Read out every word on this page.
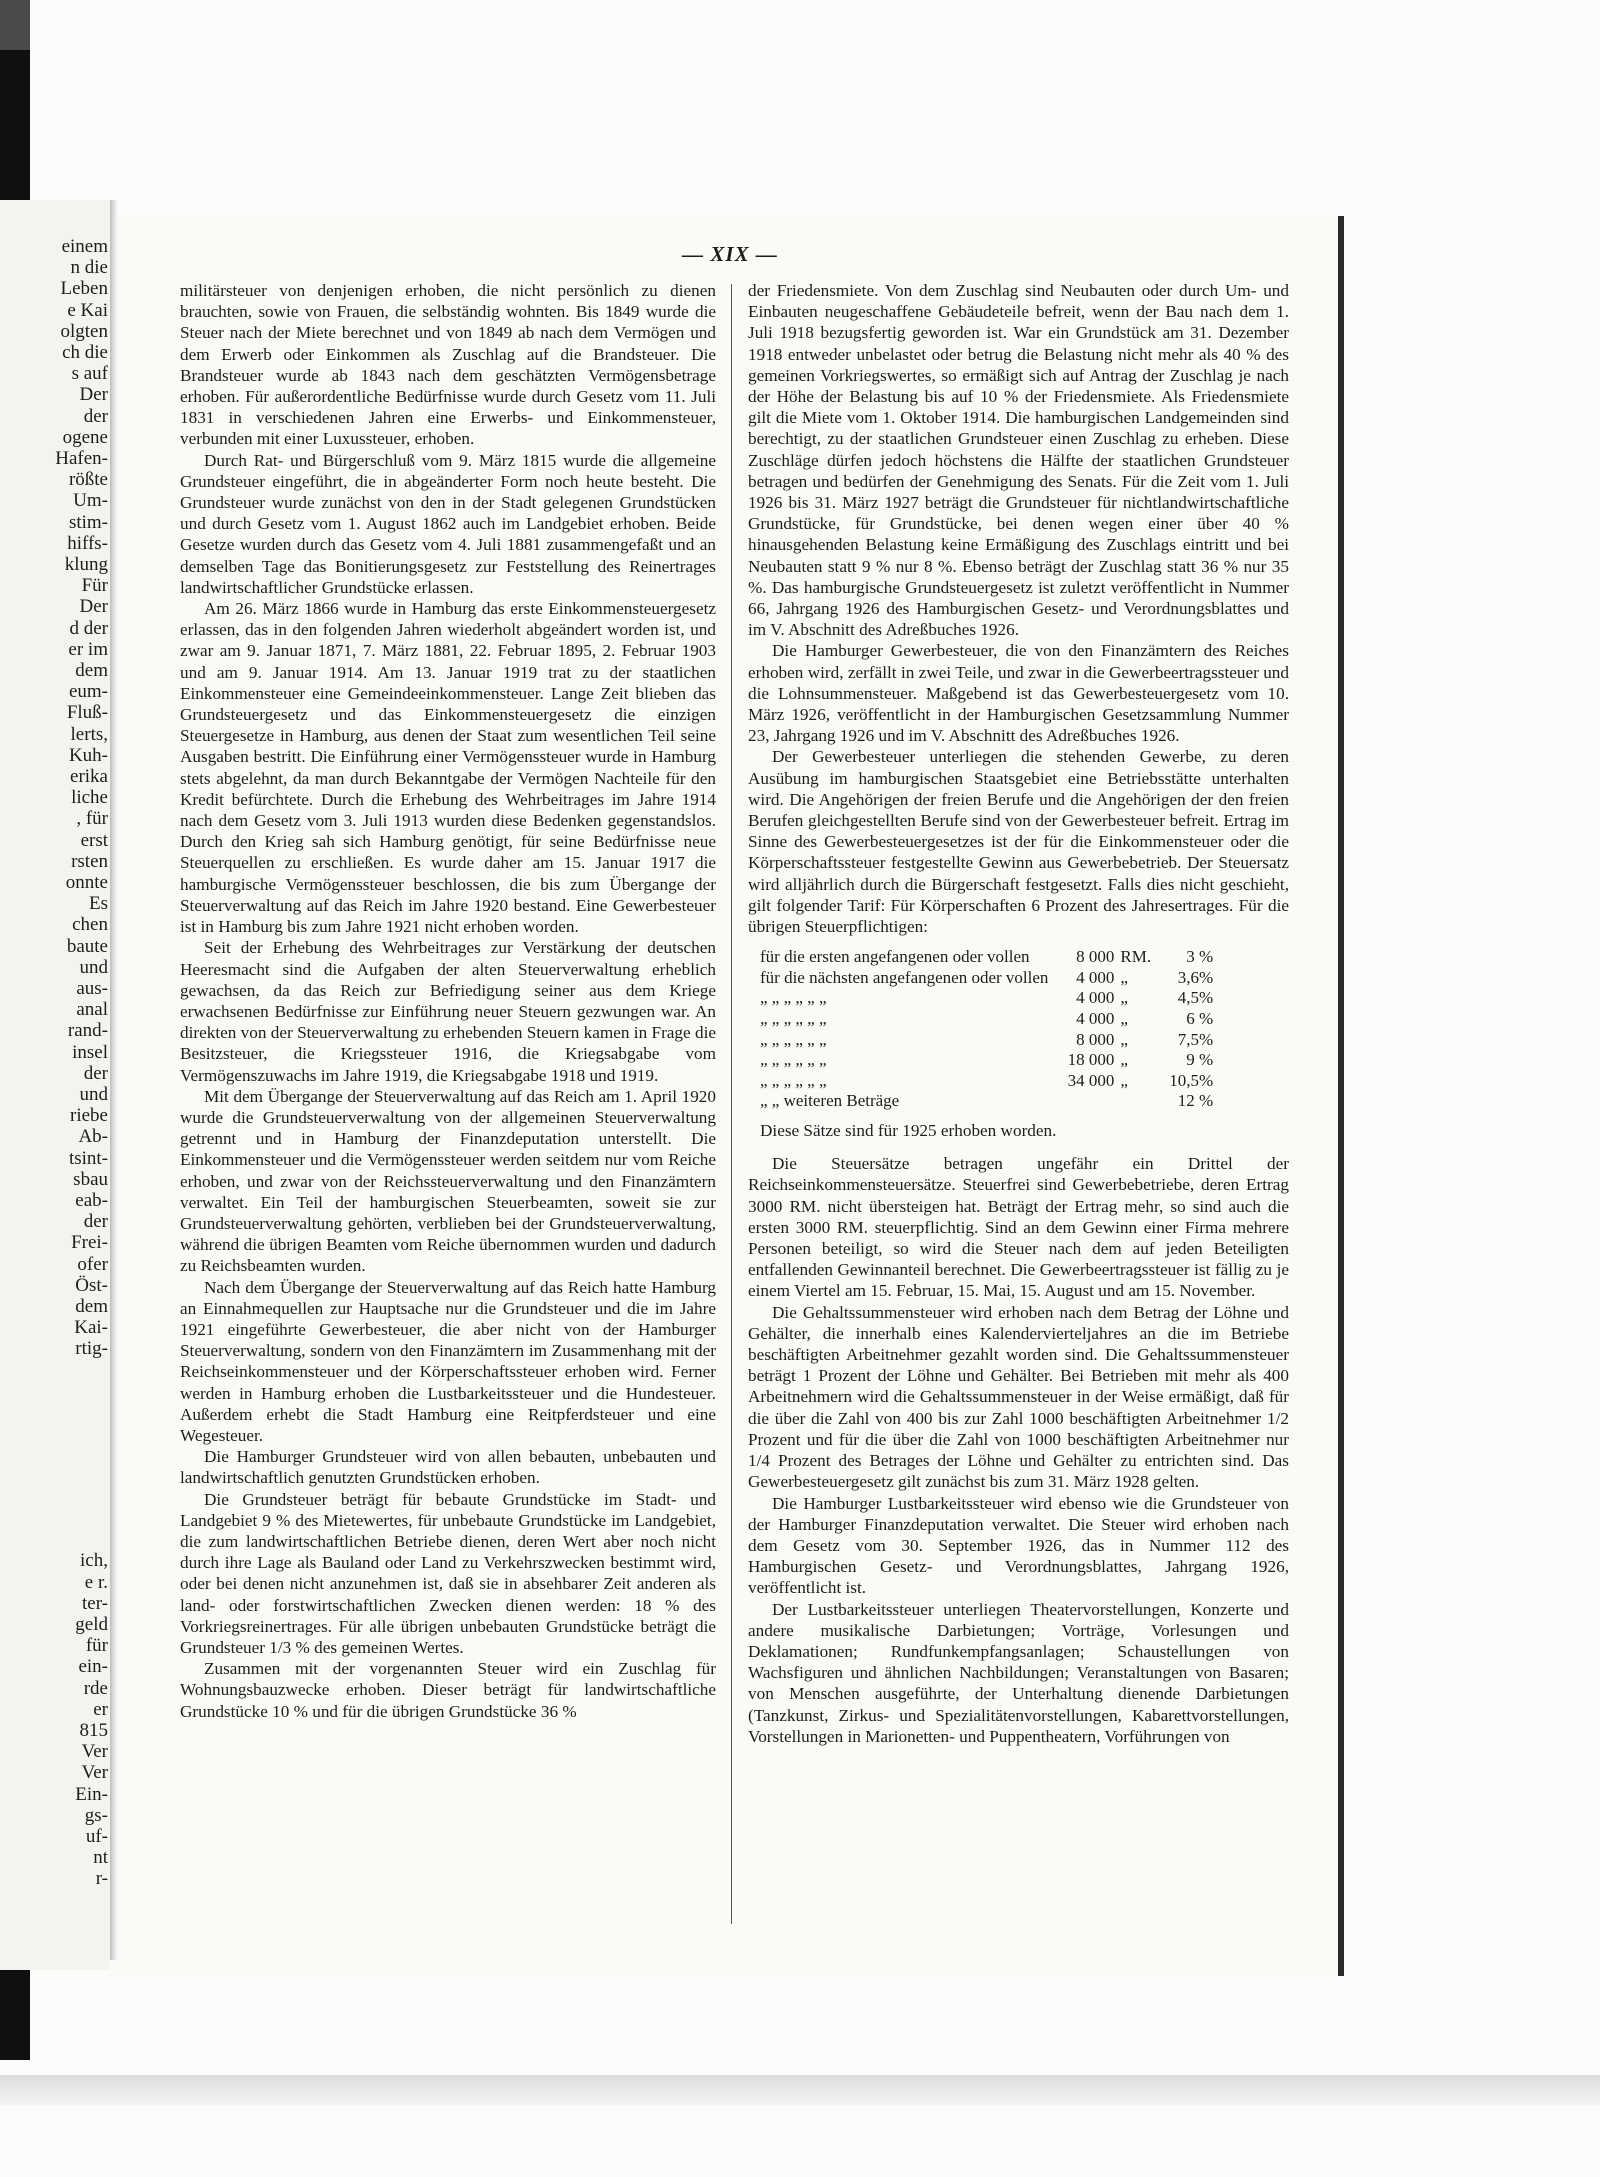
einem
n die
Leben
e Kai
olgten
ch die
s auf
Der
der
ogene
Hafen-
rößte
Um-
stim-
hiffs-
klung
Für
Der
d der
er im
dem
eum-
Fluß-
lerts,
Kuh-
erika
liche
, für
erst
rsten
onnte
Es
chen
baute
und
aus-
anal
rand-
insel
der
und
riebe
Ab-
tsint-
sbau
eab-
der
Frei-
ofer
Öst-
dem
Kai-
rtig-
ich,
e r.
ter-
geld
für
ein-
rde
er
815
Ver
Ver
Ein-
gs-
uf-
nt
r-
— XIX —

militärsteuer von denjenigen erhoben, die nicht persönlich zu dienen brauchten, sowie von Frauen, die selbständig wohnten. Bis 1849 wurde die Steuer nach der Miete berechnet und von 1849 ab nach dem Vermögen und dem Erwerb oder Einkommen als Zuschlag auf die Brandsteuer. Die Brandsteuer wurde ab 1843 nach dem geschätzten Vermögensbetrage erhoben. Für außerordentliche Bedürfnisse wurde durch Gesetz vom 11. Juli 1831 in verschiedenen Jahren eine Erwerbs- und Einkommensteuer, verbunden mit einer Luxussteuer, erhoben.

Durch Rat- und Bürgerschluß vom 9. März 1815 wurde die allgemeine Grundsteuer eingeführt, die in abgeänderter Form noch heute besteht. Die Grundsteuer wurde zunächst von den in der Stadt gelegenen Grundstücken und durch Gesetz vom 1. August 1862 auch im Landgebiet erhoben. Beide Gesetze wurden durch das Gesetz vom 4. Juli 1881 zusammengefaßt und an demselben Tage das Bonitierungsgesetz zur Feststellung des Reinertrages landwirtschaftlicher Grundstücke erlassen.

Am 26. März 1866 wurde in Hamburg das erste Einkommensteuergesetz erlassen, das in den folgenden Jahren wiederholt abgeändert worden ist, und zwar am 9. Januar 1871, 7. März 1881, 22. Februar 1895, 2. Februar 1903 und am 9. Januar 1914. Am 13. Januar 1919 trat zu der staatlichen Einkommensteuer eine Gemeindeeinkommensteuer. Lange Zeit blieben das Grundsteuergesetz und das Einkommensteuergesetz die einzigen Steuergesetze in Hamburg, aus denen der Staat zum wesentlichen Teil seine Ausgaben bestritt. Die Einführung einer Vermögenssteuer wurde in Hamburg stets abgelehnt, da man durch Bekanntgabe der Vermögen Nachteile für den Kredit befürchtete. Durch die Erhebung des Wehrbeitrages im Jahre 1914 nach dem Gesetz vom 3. Juli 1913 wurden diese Bedenken gegenstandslos. Durch den Krieg sah sich Hamburg genötigt, für seine Bedürfnisse neue Steuerquellen zu erschließen. Es wurde daher am 15. Januar 1917 die hamburgische Vermögenssteuer beschlossen, die bis zum Übergange der Steuerverwaltung auf das Reich im Jahre 1920 bestand. Eine Gewerbesteuer ist in Hamburg bis zum Jahre 1921 nicht erhoben worden.

Seit der Erhebung des Wehrbeitrages zur Verstärkung der deutschen Heeresmacht sind die Aufgaben der alten Steuerverwaltung erheblich gewachsen, da das Reich zur Befriedigung seiner aus dem Kriege erwachsenen Bedürfnisse zur Einführung neuer Steuern gezwungen war. An direkten von der Steuerverwaltung zu erhebenden Steuern kamen in Frage die Besitzsteuer, die Kriegssteuer 1916, die Kriegsabgabe vom Vermögenszuwachs im Jahre 1919, die Kriegsabgabe 1918 und 1919.

Mit dem Übergange der Steuerverwaltung auf das Reich am 1. April 1920 wurde die Grundsteuerverwaltung von der allgemeinen Steuerverwaltung getrennt und in Hamburg der Finanzdeputation unterstellt. Die Einkommensteuer und die Vermögenssteuer werden seitdem nur vom Reiche erhoben, und zwar von der Reichssteuerverwaltung und den Finanzämtern verwaltet. Ein Teil der hamburgischen Steuerbeamten, soweit sie zur Grundsteuerverwaltung gehörten, verblieben bei der Grundsteuerverwaltung, während die übrigen Beamten vom Reiche übernommen wurden und dadurch zu Reichsbeamten wurden.

Nach dem Übergange der Steuerverwaltung auf das Reich hatte Hamburg an Einnahmequellen zur Hauptsache nur die Grundsteuer und die im Jahre 1921 eingeführte Gewerbesteuer, die aber nicht von der Hamburger Steuerverwaltung, sondern von den Finanzämtern im Zusammenhang mit der Reichseinkommensteuer und der Körperschaftssteuer erhoben wird. Ferner werden in Hamburg erhoben die Lustbarkeitssteuer und die Hundesteuer. Außerdem erhebt die Stadt Hamburg eine Reitpferdsteuer und eine Wegesteuer.

Die Hamburger Grundsteuer wird von allen bebauten, unbebauten und landwirtschaftlich genutzten Grundstücken erhoben.

Die Grundsteuer beträgt für bebaute Grundstücke im Stadt- und Landgebiet 9 % des Mietewertes, für unbebaute Grundstücke im Landgebiet, die zum landwirtschaftlichen Betriebe dienen, deren Wert aber noch nicht durch ihre Lage als Bauland oder Land zu Verkehrszwecken bestimmt wird, oder bei denen nicht anzunehmen ist, daß sie in absehbarer Zeit anderen als land- oder forstwirtschaftlichen Zwecken dienen werden: 18 % des Vorkriegsreinertrages. Für alle übrigen unbebauten Grundstücke beträgt die Grundsteuer 1/3 % des gemeinen Wertes.

Zusammen mit der vorgenannten Steuer wird ein Zuschlag für Wohnungsbauzwecke erhoben. Dieser beträgt für landwirtschaftliche Grundstücke 10 % und für die übrigen Grundstücke 36 %

der Friedensmiete. Von dem Zuschlag sind Neubauten oder durch Um- und Einbauten neugeschaffene Gebäudeteile befreit, wenn der Bau nach dem 1. Juli 1918 bezugsfertig geworden ist. War ein Grundstück am 31. Dezember 1918 entweder unbelastet oder betrug die Belastung nicht mehr als 40 % des gemeinen Vorkriegswertes, so ermäßigt sich auf Antrag der Zuschlag je nach der Höhe der Belastung bis auf 10 % der Friedensmiete. Als Friedensmiete gilt die Miete vom 1. Oktober 1914. Die hamburgischen Landgemeinden sind berechtigt, zu der staatlichen Grundsteuer einen Zuschlag zu erheben. Diese Zuschläge dürfen jedoch höchstens die Hälfte der staatlichen Grundsteuer betragen und bedürfen der Genehmigung des Senats. Für die Zeit vom 1. Juli 1926 bis 31. März 1927 beträgt die Grundsteuer für nichtlandwirtschaftliche Grundstücke, für Grundstücke, bei denen wegen einer über 40 % hinausgehenden Belastung keine Ermäßigung des Zuschlags eintritt und bei Neubauten statt 9 % nur 8 %. Ebenso beträgt der Zuschlag statt 36 % nur 35 %. Das hamburgische Grundsteuergesetz ist zuletzt veröffentlicht in Nummer 66, Jahrgang 1926 des Hamburgischen Gesetz- und Verordnungsblattes und im V. Abschnitt des Adreßbuches 1926.

Die Hamburger Gewerbesteuer, die von den Finanzämtern des Reiches erhoben wird, zerfällt in zwei Teile, und zwar in die Gewerbeertragssteuer und die Lohnsummensteuer. Maßgebend ist das Gewerbesteuergesetz vom 10. März 1926, veröffentlicht in der Hamburgischen Gesetzsammlung Nummer 23, Jahrgang 1926 und im V. Abschnitt des Adreßbuches 1926.

Der Gewerbesteuer unterliegen die stehenden Gewerbe, zu deren Ausübung im hamburgischen Staatsgebiet eine Betriebsstätte unterhalten wird. Die Angehörigen der freien Berufe und die Angehörigen der den freien Berufen gleichgestellten Berufe sind von der Gewerbesteuer befreit. Ertrag im Sinne des Gewerbesteuergesetzes ist der für die Einkommensteuer oder die Körperschaftssteuer festgestellte Gewinn aus Gewerbebetrieb. Der Steuersatz wird alljährlich durch die Bürgerschaft festgesetzt. Falls dies nicht geschieht, gilt folgender Tarif: Für Körperschaften 6 Prozent des Jahresertrages. Für die übrigen Steuerpflichtigen:

für die ersten angefangenen oder vollen	8 000	RM.	3 %
für die nächsten angefangenen oder vollen	4 000	„	3,6%
„ „ „ „ „ „	4 000	„	4,5%
„ „ „ „ „ „	4 000	„	6 %
„ „ „ „ „ „	8 000	„	7,5%
„ „ „ „ „ „	18 000	„	9 %
„ „ „ „ „ „	34 000	„	10,5%
„ „ weiteren Beträge			12 %
Diese Sätze sind für 1925 erhoben worden.

Die Steuersätze betragen ungefähr ein Drittel der Reichseinkommensteuersätze. Steuerfrei sind Gewerbebetriebe, deren Ertrag 3000 RM. nicht übersteigen hat. Beträgt der Ertrag mehr, so sind auch die ersten 3000 RM. steuerpflichtig. Sind an dem Gewinn einer Firma mehrere Personen beteiligt, so wird die Steuer nach dem auf jeden Beteiligten entfallenden Gewinnanteil berechnet. Die Gewerbeertragssteuer ist fällig zu je einem Viertel am 15. Februar, 15. Mai, 15. August und am 15. November.

Die Gehaltssummensteuer wird erhoben nach dem Betrag der Löhne und Gehälter, die innerhalb eines Kalendervierteljahres an die im Betriebe beschäftigten Arbeitnehmer gezahlt worden sind. Die Gehaltssummensteuer beträgt 1 Prozent der Löhne und Gehälter. Bei Betrieben mit mehr als 400 Arbeitnehmern wird die Gehaltssummensteuer in der Weise ermäßigt, daß für die über die Zahl von 400 bis zur Zahl 1000 beschäftigten Arbeitnehmer 1/2 Prozent und für die über die Zahl von 1000 beschäftigten Arbeitnehmer nur 1/4 Prozent des Betrages der Löhne und Gehälter zu entrichten sind. Das Gewerbesteuergesetz gilt zunächst bis zum 31. März 1928 gelten.

Die Hamburger Lustbarkeitssteuer wird ebenso wie die Grundsteuer von der Hamburger Finanzdeputation verwaltet. Die Steuer wird erhoben nach dem Gesetz vom 30. September 1926, das in Nummer 112 des Hamburgischen Gesetz- und Verordnungsblattes, Jahrgang 1926, veröffentlicht ist.

Der Lustbarkeitssteuer unterliegen Theatervorstellungen, Konzerte und andere musikalische Darbietungen; Vorträge, Vorlesungen und Deklamationen; Rundfunkempfangsanlagen; Schaustellungen von Wachsfiguren und ähnlichen Nachbildungen; Veranstaltungen von Basaren; von Menschen ausgeführte, der Unterhaltung dienende Darbietungen (Tanzkunst, Zirkus- und Spezialitätenvorstellungen, Kabarettvorstellungen, Vorstellungen in Marionetten- und Puppentheatern, Vorführungen von
